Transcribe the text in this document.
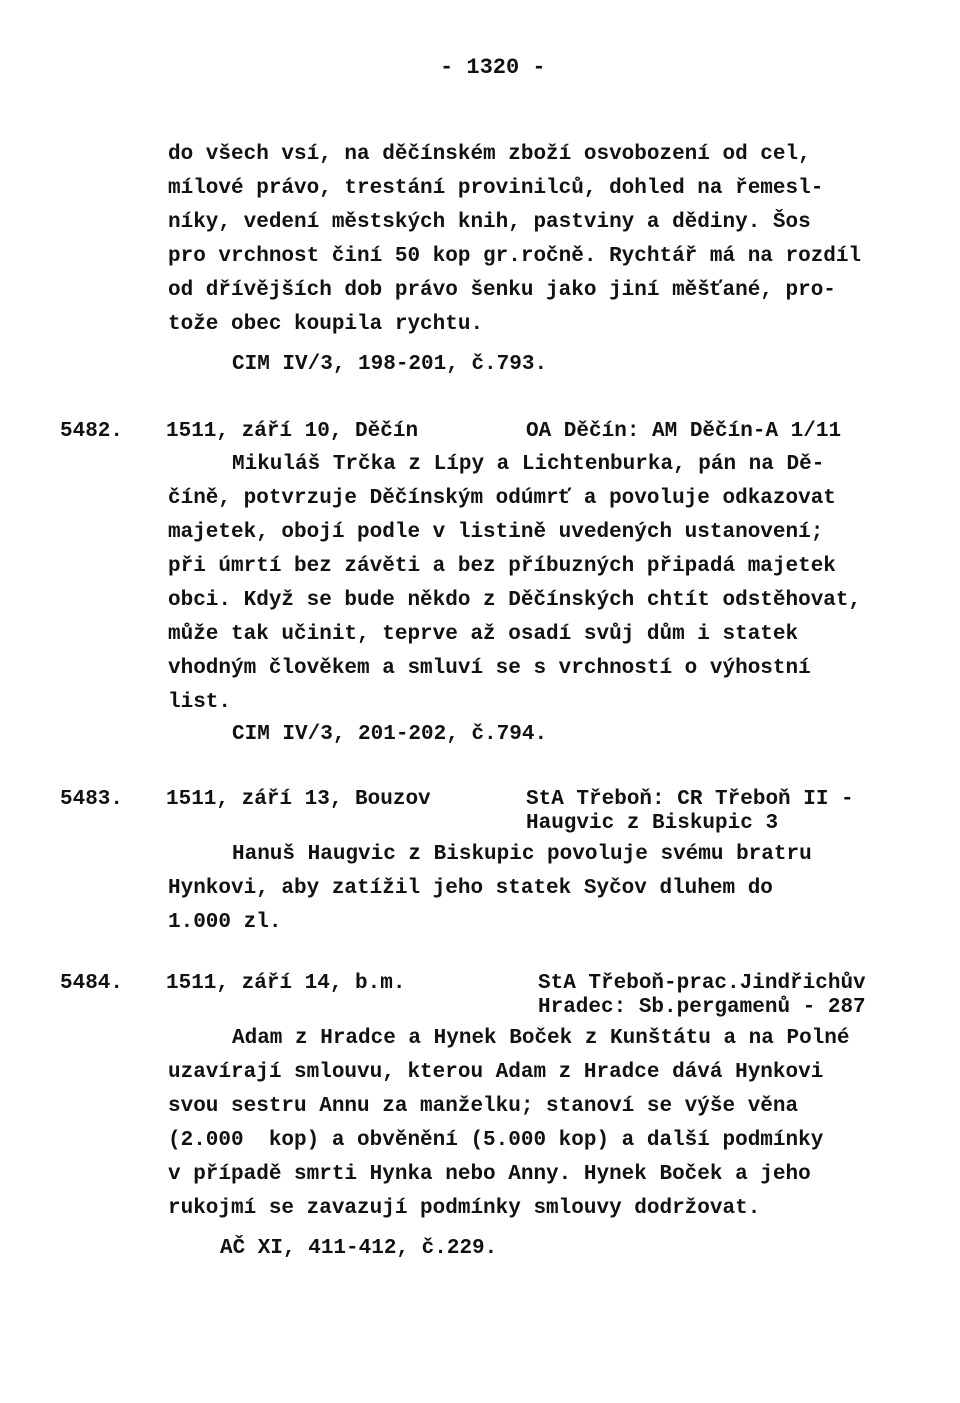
- 1320 -
do všech vsí, na děčínském zboží osvobození od cel,
mílové právo, trestání provinilců, dohled na řemesl-
níky, vedení městských knih, pastviny a dědiny. Šos
pro vrchnost činí 50 kop gr.ročně. Rychtář má na rozdíl
od dřívějších dob právo šenku jako jiní měšťané, pro-
tože obec koupila rychtu.
CIM IV/3, 198-201, č.793.
5482. 1511, září 10, Děčín	OA Děčín: AM Děčín-A 1/11
Mikuláš Trčka z Lípy a Lichtenburka, pán na Dě-
číně, potvrzuje Děčínským odúmrť a povoluje odkazovat
majetek, obojí podle v listině uvedených ustanovení;
při úmrtí bez závěti a bez příbuzných připadá majetek
obci. Když se bude někdo z Děčínských chtít odstěhovat,
může tak učinit, teprve až osadí svůj dům i statek
vhodným člověkem a smluví se s vrchností o výhostní
list.
CIM IV/3, 201-202, č.794.
5483. 1511, září 13, Bouzov	StA Třeboň: CR Třeboň II -
Haugvic z Biskupic 3
Hanuš Haugvic z Biskupic povoluje svému bratru
Hynkovi, aby zatížil jeho statek Syčov dluhem do
1.000 zl.
5484. 1511, září 14, b.m.	StA Třeboň-prac.Jindřichův
Hradec: Sb.pergamenů - 287
Adam z Hradce a Hynek Boček z Kunštátu a na Polné
uzavírají smlouvu, kterou Adam z Hradce dává Hynkovi
svou sestru Annu za manželku; stanoví se výše věna
(2.000  kop) a obvěnění (5.000 kop) a další podmínky
v případě smrti Hynka nebo Anny. Hynek Boček a jeho
rukojmí se zavazují podmínky smlouvy dodržovat.
AČ XI, 411-412, č.229.
